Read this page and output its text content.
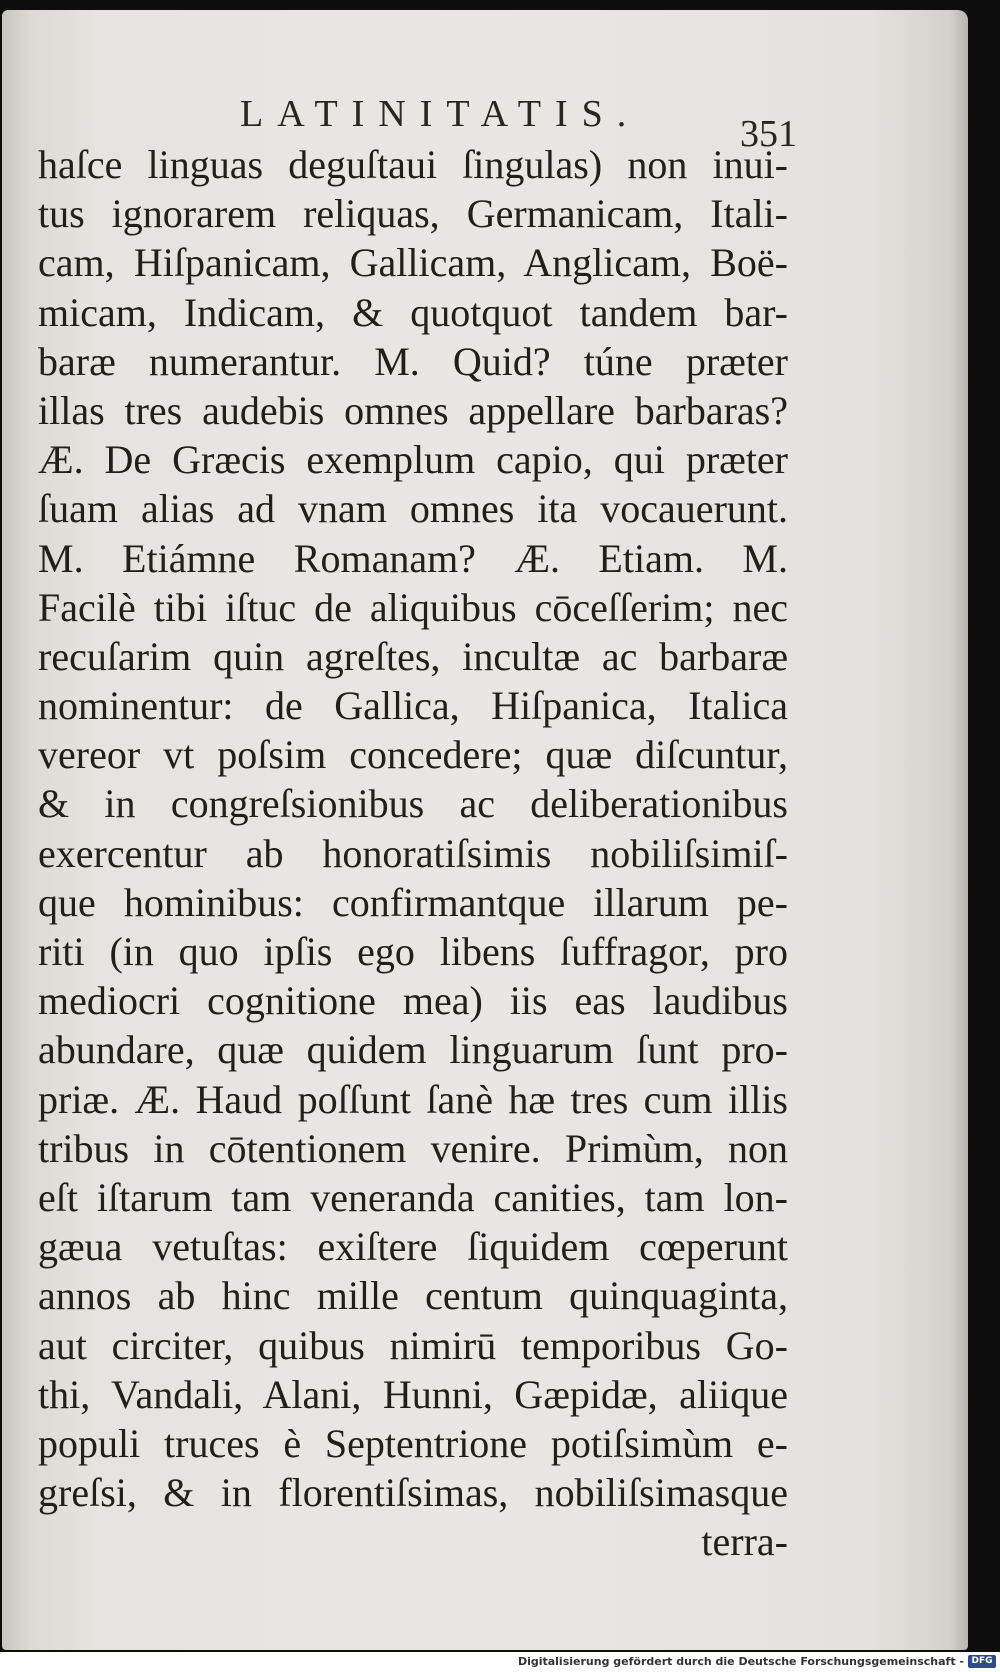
LATINITATIS.	351
haſce linguas deguſtaui ſingulas) non inui-
tus ignorarem reliquas, Germanicam, Itali-
cam, Hiſpanicam, Gallicam, Anglicam, Boë-
micam, Indicam, & quotquot tandem bar-
baræ numerantur. M. Quid? túne præter
illas tres audebis omnes appellare barbaras?
Æ. De Græcis exemplum capio, qui præter
ſuam alias ad vnam omnes ita vocauerunt.
M. Etiámne Romanam? Æ. Etiam. M.
Facilè tibi iſtuc de aliquibus cōceſſerim; nec
recuſarim quin agreſtes, incultæ ac barbaræ
nominentur: de Gallica, Hiſpanica, Italica
vereor vt poſsim concedere; quæ diſcuntur,
& in congreſsionibus ac deliberationibus
exercentur ab honoratiſsimis nobiliſsimiſ-
que hominibus: confirmantque illarum pe-
riti (in quo ipſis ego libens ſuffragor, pro
mediocri cognitione mea) iis eas laudibus
abundare, quæ quidem linguarum ſunt pro-
priæ. Æ. Haud poſſunt ſanè hæ tres cum illis
tribus in cōtentionem venire. Primùm, non
eſt iſtarum tam veneranda canities, tam lon-
gæua vetuſtas: exiſtere ſiquidem cœperunt
annos ab hinc mille centum quinquaginta,
aut circiter, quibus nimirū temporibus Go-
thi, Vandali, Alani, Hunni, Gæpidæ, aliique
populi truces è Septentrione potiſsimùm e-
greſsi, & in florentiſsimas, nobiliſsimasque
terra-
Digitalisierung gefördert durch die Deutsche Forschungsgemeinschaft - DFG
